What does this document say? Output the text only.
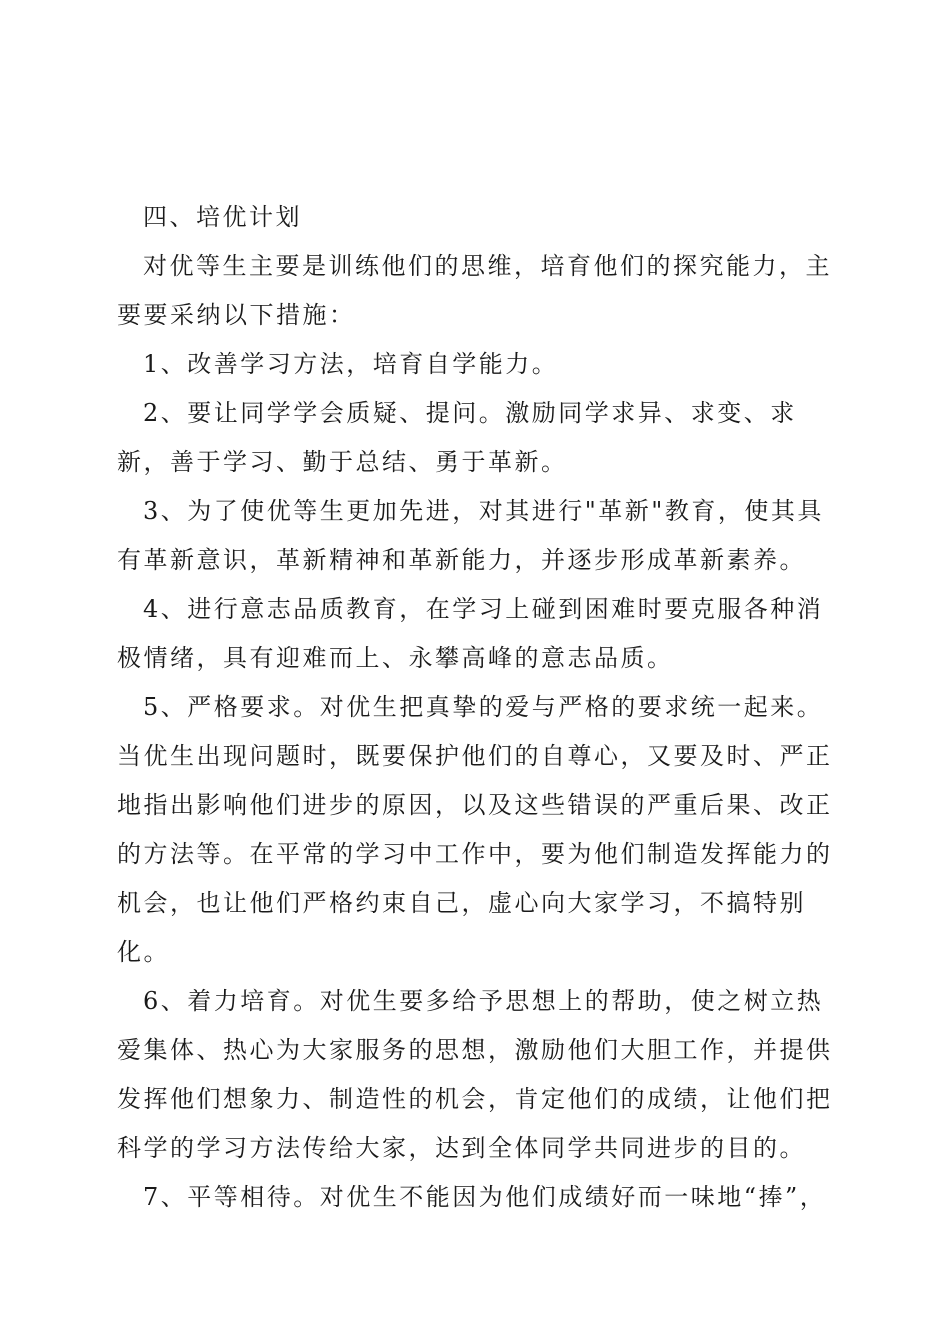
四、培优计划

对优等生主要是训练他们的思维，培育他们的探究能力，主要要采纳以下措施：

1、改善学习方法，培育自学能力。

2、要让同学学会质疑、提问。激励同学求异、求变、求新，善于学习、勤于总结、勇于革新。

3、为了使优等生更加先进，对其进行"革新"教育，使其具有革新意识，革新精神和革新能力，并逐步形成革新素养。

4、进行意志品质教育，在学习上碰到困难时要克服各种消极情绪，具有迎难而上、永攀高峰的意志品质。

5、严格要求。对优生把真挚的爱与严格的要求统一起来。当优生出现问题时，既要保护他们的自尊心，又要及时、严正地指出影响他们进步的原因，以及这些错误的严重后果、改正的方法等。在平常的学习中工作中，要为他们制造发挥能力的机会，也让他们严格约束自己，虚心向大家学习，不搞特别化。

6、着力培育。对优生要多给予思想上的帮助，使之树立热爱集体、热心为大家服务的思想，激励他们大胆工作，并提供发挥他们想象力、制造性的机会，肯定他们的成绩，让他们把科学的学习方法传给大家，达到全体同学共同进步的目的。

7、平等相待。对优生不能因为他们成绩好而一味地“捧”，
